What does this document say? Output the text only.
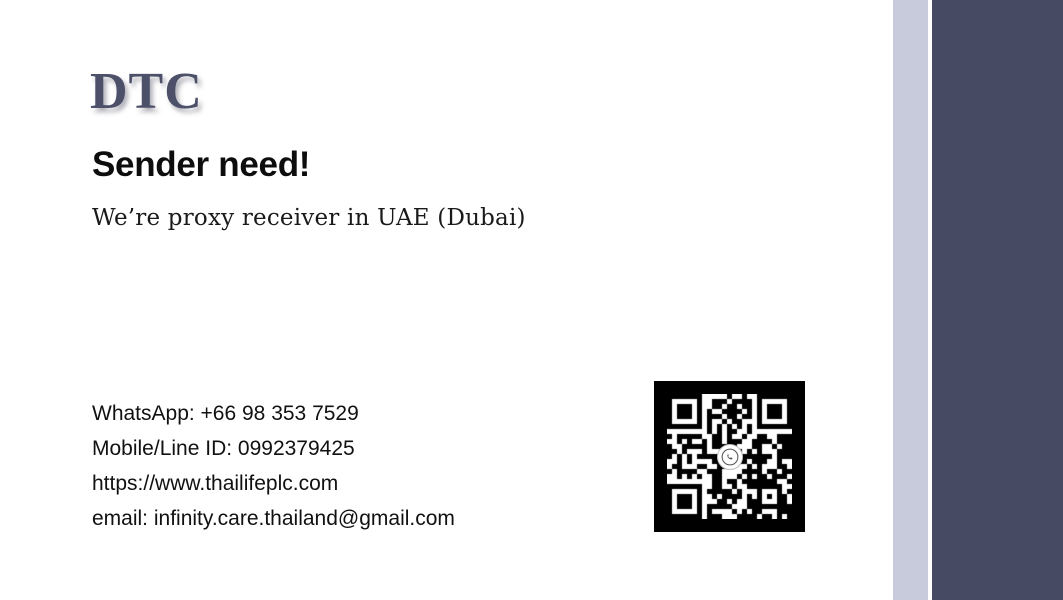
DTC
Sender need!
We’re proxy receiver in UAE (Dubai)
WhatsApp: +66 98 353 7529
Mobile/Line ID: 0992379425
https://www.thailifeplc.com
email: infinity.care.thailand@gmail.com
